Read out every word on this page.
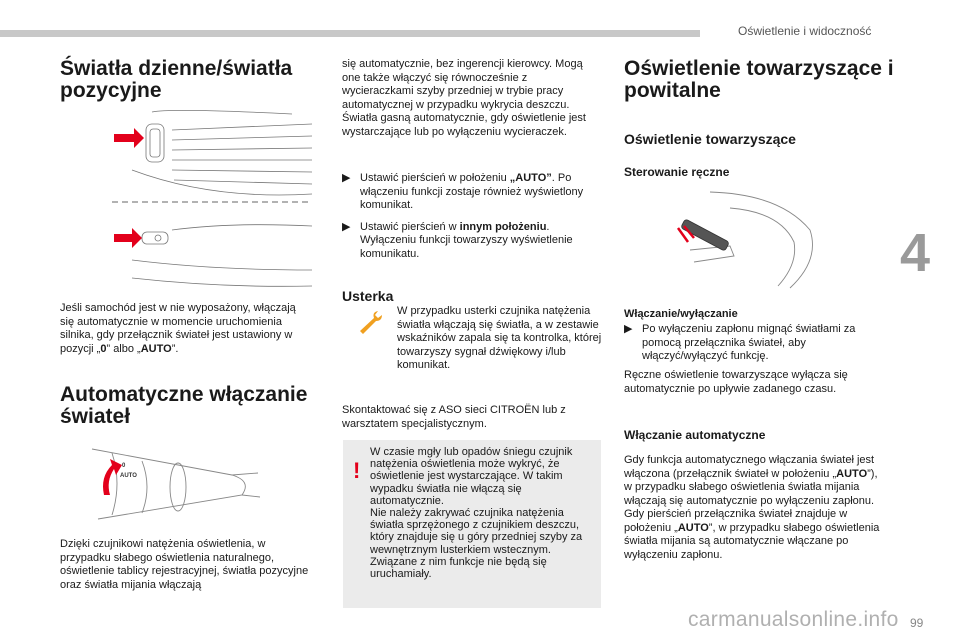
Oświetlenie i widoczność
4
Światła dzienne/światła pozycyjne

Jeśli samochód jest w nie wyposażony, włączają się automatycznie w momencie uruchomienia silnika, gdy przełącznik świateł jest ustawiony w pozycji „0” albo „AUTO”.

Automatyczne włączanie świateł
0
AUTO

Dzięki czujnikowi natężenia oświetlenia, w przypadku słabego oświetlenia naturalnego, oświetlenie tablicy rejestracyjnej, światła pozycyjne oraz światła mijania włączają

się automatycznie, bez ingerencji kierowcy. Mogą one także włączyć się równocześnie z wycieraczkami szyby przedniej w trybie pracy automatycznej w przypadku wykrycia deszczu. Światła gasną automatycznie, gdy oświetlenie jest wystarczające lub po wyłączeniu wycieraczek.

▶ Ustawić pierścień w położeniu „AUTO”. Po włączeniu funkcji zostaje również wyświetlony komunikat.
▶ Ustawić pierścień w innym położeniu. Wyłączeniu funkcji towarzyszy wyświetlenie komunikatu.
Usterka

W przypadku usterki czujnika natężenia światła włączają się światła, a w zestawie wskaźników zapala się ta kontrolka, której towarzyszy sygnał dźwiękowy i/lub komunikat.

Skontaktować się z ASO sieci CITROËN lub z warsztatem specjalistycznym.

!

W czasie mgły lub opadów śniegu czujnik natężenia oświetlenia może wykryć, że oświetlenie jest wystarczające. W takim wypadku światła nie włączą się automatycznie.
Nie należy zakrywać czujnika natężenia światła sprzężonego z czujnikiem deszczu, który znajduje się u góry przedniej szyby za wewnętrznym lusterkiem wstecznym. Związane z nim funkcje nie będą się uruchamiały.

Oświetlenie towarzyszące i powitalne
Oświetlenie towarzyszące
Sterowanie ręczne
Włączanie/wyłączanie
▶ Po wyłączeniu zapłonu mignąć światłami za pomocą przełącznika świateł, aby włączyć/wyłączyć funkcję.

Ręczne oświetlenie towarzyszące wyłącza się automatycznie po upływie zadanego czasu.

Włączanie automatyczne

Gdy funkcja automatycznego włączania świateł jest włączona (przełącznik świateł w położeniu „AUTO”), w przypadku słabego oświetlenia światła mijania włączają się automatycznie po wyłączeniu zapłonu.
Gdy pierścień przełącznika świateł znajduje w położeniu „AUTO”, w przypadku słabego oświetlenia światła mijania są automatycznie włączane po wyłączeniu zapłonu.

carmanualsonline.info 99
